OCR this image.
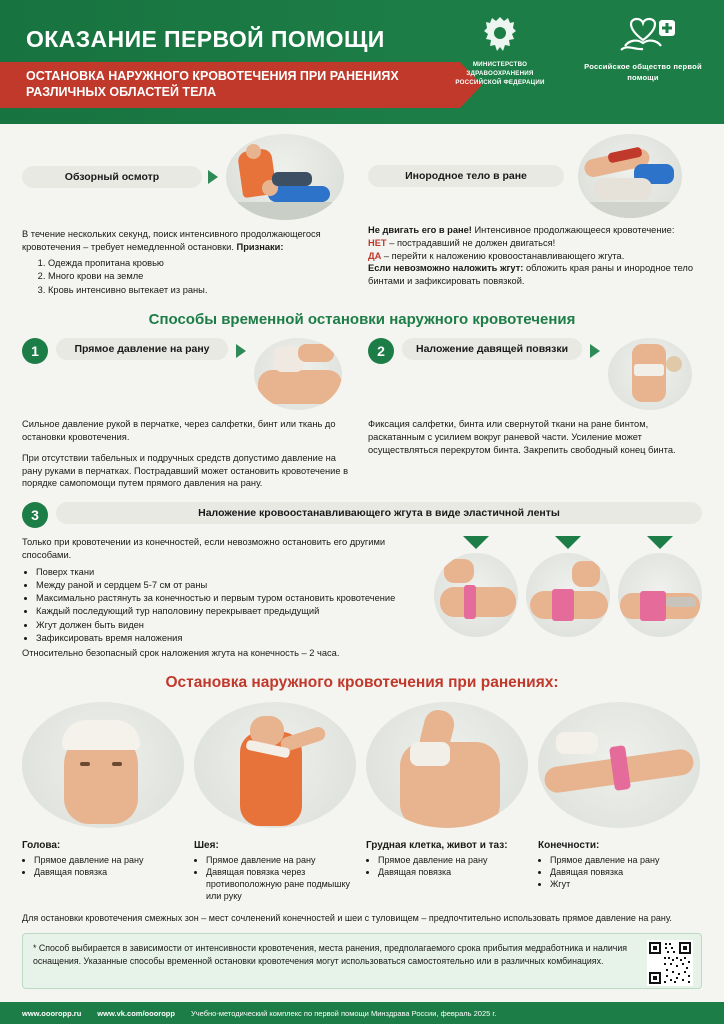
ОКАЗАНИЕ ПЕРВОЙ ПОМОЩИ
ОСТАНОВКА НАРУЖНОГО КРОВОТЕЧЕНИЯ ПРИ РАНЕНИЯХ РАЗЛИЧНЫХ ОБЛАСТЕЙ ТЕЛА
МИНИСТЕРСТВО ЗДРАВООХРАНЕНИЯ РОССИЙСКОЙ ФЕДЕРАЦИИ
Российское общество первой помощи
Обзорный осмотр
В течение нескольких секунд, поиск интенсивного продолжающегося кровотечения – требует немедленной остановки. Признаки:
1. Одежда пропитана кровью
2. Много крови на земле
3. Кровь интенсивно вытекает из раны.
Инородное тело в ране
Не двигать его в ране! Интенсивное продолжающееся кровотечение:
НЕТ – пострадавший не должен двигаться!
ДА – перейти к наложению кровоостанавливающего жгута.
Если невозможно наложить жгут: обложить края раны и инородное тело бинтами и зафиксировать повязкой.
Способы временной остановки наружного кровотечения
1	Прямое давление на рану
Сильное давление рукой в перчатке, через салфетки, бинт или ткань до остановки кровотечения.
При отсутствии табельных и подручных средств допустимо давление на рану руками в перчатках. Пострадавший может остановить кровотечение в порядке самопомощи путем прямого давления на рану.
2	Наложение давящей повязки
Фиксация салфетки, бинта или свернутой ткани на ране бинтом, раскатанным с усилием вокруг раневой части. Усиление может осуществляться перекрутом бинта. Закрепить свободный конец бинта.
3	Наложение кровоостанавливающего жгута в виде эластичной ленты
Только при кровотечении из конечностей, если невозможно остановить его другими способами.
• Поверх ткани
• Между раной и сердцем 5-7 см от раны
• Максимально растянуть за конечностью и первым туром остановить кровотечение
• Каждый последующий тур наполовину перекрывает предыдущий
• Жгут должен быть виден
• Зафиксировать время наложения
Относительно безопасный срок наложения жгута на конечность – 2 часа.
Остановка наружного кровотечения при ранениях:
Голова:
• Прямое давление на рану
• Давящая повязка
Шея:
• Прямое давление на рану
• Давящая повязка через противоположную ране подмышку или руку
Грудная клетка, живот и таз:
• Прямое давление на рану
• Давящая повязка
Конечности:
• Прямое давление на рану
• Давящая повязка
• Жгут
Для остановки кровотечения смежных зон – мест сочленений конечностей и шеи с туловищем – предпочтительно использовать прямое давление на рану.
* Способ выбирается в зависимости от интенсивности кровотечения, места ранения, предполагаемого срока прибытия медработника и наличия оснащения. Указанные способы временной остановки кровотечения могут использоваться самостоятельно или в различных комбинациях.
www.oooropp.ru www.vk.com/oooropp Учебно-методический комплекс по первой помощи Минздрава России, февраль 2025 г.
